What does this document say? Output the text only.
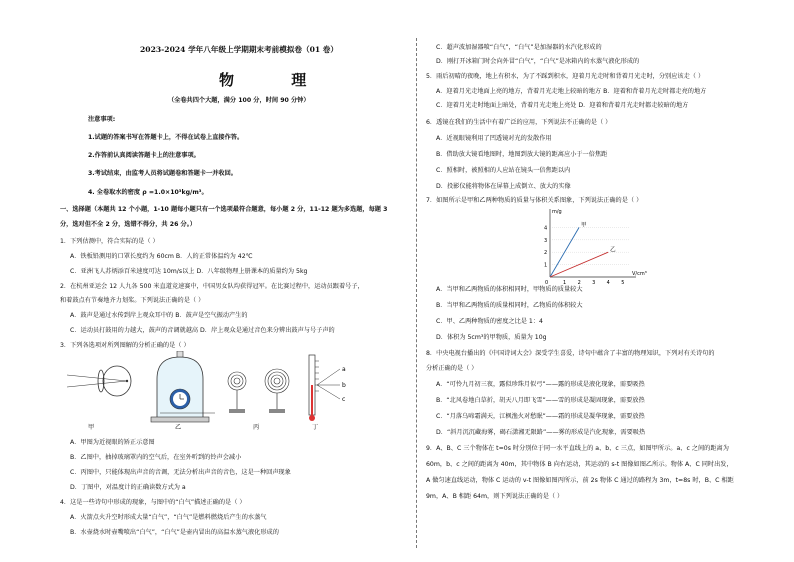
2023-2024 学年八年级上学期期末考前模拟卷（01 卷）
物 理
（全卷共四个大题，满分 100 分，时间 90 分钟）
注意事项:
1.试题的答案书写在答题卡上，不得在试卷上直接作答。
2.作答前认真阅读答题卡上的注意事项。
3.考试结束，由监考人员将试题卷和答题卡一并收回。
4. 全卷取水的密度 ρ =1.0×10³kg/m³。
一、选择题（本题共 12 个小题，1-10 题每小题只有一个选项最符合题意，每小题 2 分，11-12 题为多选题，每题 3
分，选对但不全 2 分，选错不得分，共 26 分。）
1．下列估测中，符合实际的是（ ）
A．铁板铅测用的口罩长度约为 60cm B．人的正常体温约为 42℃
C．亚洲飞人苏炳添百米速度可达 10m/s以上 D．八年级物理上册课本的质量约为 5kg
2．在杭州亚运会 12 人九各 500 米直道竞速赛中，中国男女队均获得冠军。在比赛过程中，运动员跟着号子，
和着鼓点有节奏地齐力划桨。下列说法正确的是（ ）
A．鼓声是通过水传到岸上观众耳中的 B．鼓声是空气振动产生的
C．运动员打鼓用的力越大，鼓声的音调就越高 D．岸上观众是通过音色来分辨出鼓声与号子声的
3．下列各选项对所列图解的分析正确的是（ ）
a
b
c
甲	乙	丙	丁
A．甲图为近视眼的矫正示意图
B．乙图中，抽掉玻璃罩内的空气后，在室外听到的铃声会减小
C．丙图中，只能体现出声音的音调，无法分析出声音的音色，这是一种回声现象
D．丁图中，对温度计的正确读数方式为 a
4．这是一些诗句中形成的现象，与图中的“白气”描述正确的是（ ）
A．火箭点火升空时形成大量“白气”，“白气”是燃料燃烧后产生的水蒸气
B．水壶烧水时壶嘴喷出“白气”，“白气”是壶内冒出的高温水蒸气液化形成的
C．超声波加湿器喷“白气”，“白气”是加湿器的水汽化形成的
D．刚打开冰箱门时会向外冒“白气”，“白气”是冰箱内的水蒸气液化形成的
5．雨后初晴的夜晚，地上有积水，为了不踩到积水，迎着月光走时和背着月光走时，分别应该走（ ）
A．迎着月光走地面上亮的地方，背着月光走地上较暗的地方 B．迎着和背着月光走时都走亮的地方
C．迎着月光走时地面上暗处，背着月光走地上亮处 D．迎着和背着月光走时都走较暗的地方
6．透镜在我们的生活中有着广泛的应用，下列说法不正确的是（ ）
A．近视眼镜利用了凹透镜对光的发散作用
B．借助放大镜看地图时，地图到放大镜的距离应小于一倍焦距
C．照相时，被照相的人应站在镜头一倍焦距以内
D．投影仪能将物体在屏幕上成倒立、放大的实像
7．如图所示是甲和乙两种物质的质量与体积关系图象，下列说法正确的是（ ）
1 2 3 4 5
1
2
3
4
0
V/cm³
m/g
甲
乙
A．当甲和乙两物质的体积相同时，甲物质的质量较大
B．当甲和乙两物质的质量相同时，乙物质的体积较大
C．甲、乙两种物质的密度之比是 1：4
D．体积为 5cm³的甲物质，质量为 10g
8．中央电视台播出的《中国诗词大会》深受学生喜爱，诗句中蕴含了丰富的物理知识，下列对有关诗句的
分析正确的是（ ）
A．“可怜九月初三夜，露似珍珠月似弓”——露的形成是液化现象，需要吸热
B．“北风卷地白草折，胡天八月即飞雪”——雪的形成是凝固现象，需要放热
C．“月落乌啼霜满天，江枫渔火对愁眠”——霜的形成是凝华现象，需要放热
D．“斜月沉沉藏海雾，碣石潇湘无限路”——雾的形成是汽化现象，需要吸热
9．A、B、C 三个物体在 t=0s 时分别位于同一水平直线上的 a、b、c 三点，如图甲所示。a、c 之间的距离为
60m，b、c 之间的距离为 40m，其中物体 B 向右运动，其运动的 s-t 图像如图乙所示。物体 A、C 同时出发，
A 做匀速直线运动，物体 C 运动的 v-t 图像如图丙所示，前 2s 物体 C 通过的路程为 3m，t=8s 时，B、C 相距
9m，A、B 相距 64m，则下列说法正确的是（ ）
